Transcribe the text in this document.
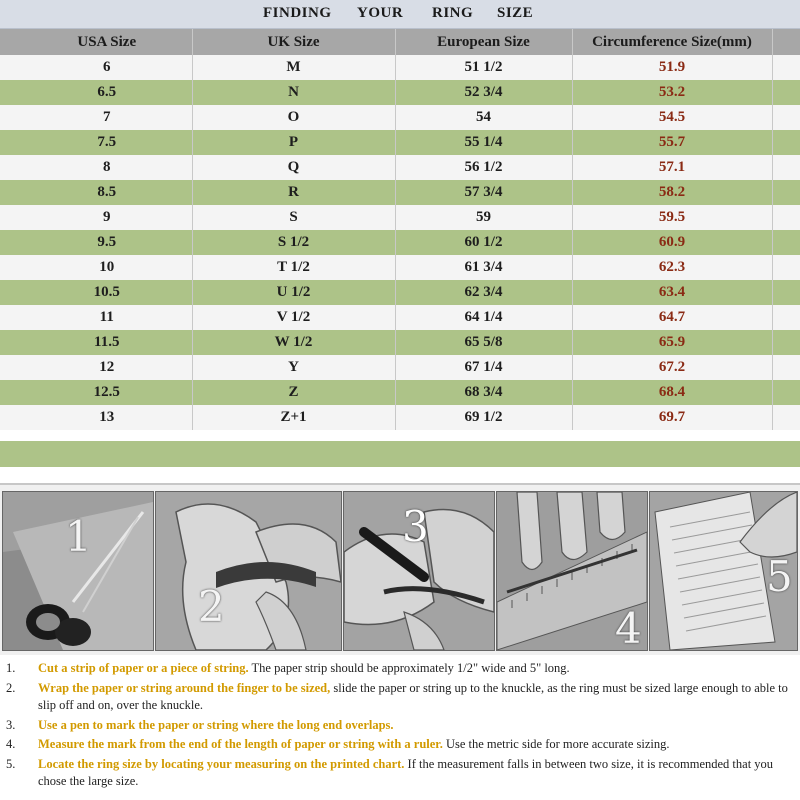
FINDING YOUR RING SIZE
	USA Size	UK Size	European Size	Circumference Size(mm)	
	6	M	51 1/2	51.9	
	6.5	N	52 3/4	53.2	
	7	O	54	54.5	
	7.5	P	55 1/4	55.7	
	8	Q	56 1/2	57.1	
	8.5	R	57 3/4	58.2	
	9	S	59	59.5	
	9.5	S 1/2	60 1/2	60.9	
	10	T 1/2	61 3/4	62.3	
	10.5	U 1/2	62 3/4	63.4	
	11	V 1/2	64 1/4	64.7	
	11.5	W 1/2	65 5/8	65.9	
	12	Y	67 1/4	67.2	
	12.5	Z	68 3/4	68.4	
	13	Z+1	69 1/2	69.7	
1
2
3
4
5
1.	Cut a strip of paper or a piece of string. The paper strip should be approximately 1/2" wide and 5" long.
2.	Wrap the paper or string around the finger to be sized, slide the paper or string up to the knuckle, as the ring must be sized large enough to able to slip off and on, over the knuckle.
3.	Use a pen to mark the paper or string where the long end overlaps.
4.	Measure the mark from the end of the length of paper or string with a ruler. Use the metric side for more accurate sizing.
5.	Locate the ring size by locating your measuring on the printed chart. If the measurement falls in between two size, it is recommended that you chose the large size.
